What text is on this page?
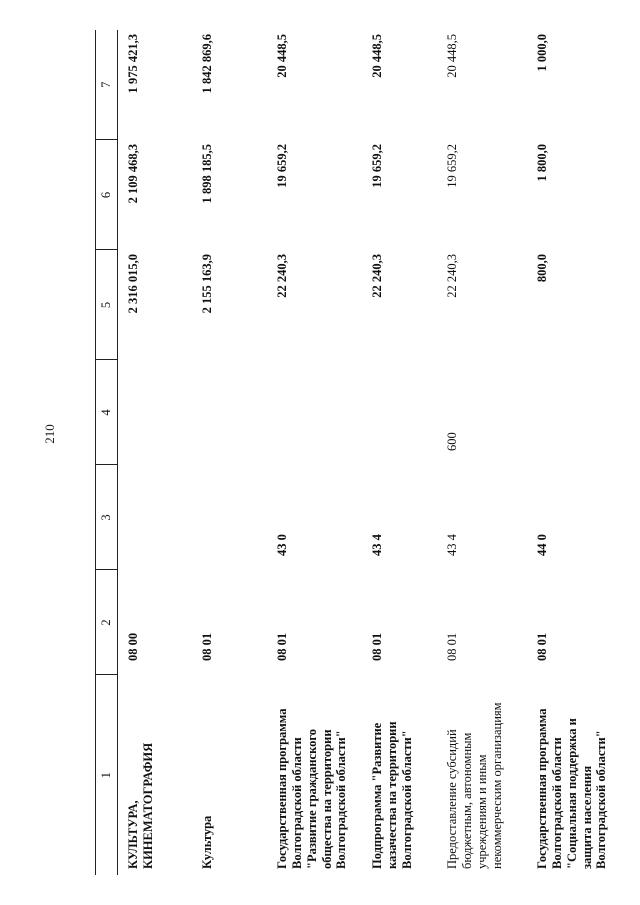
210
1	2	3	4	5	6	7
КУЛЬТУРА, КИНЕМАТОГРАФИЯ	08 00			2 316 015,0	2 109 468,3	1 975 421,3
Культура	08 01			2 155 163,9	1 898 185,5	1 842 869,6
Государственная программа Волгоградской области "Развитие гражданского общества на территории Волгоградской области"	08 01	43 0		22 240,3	19 659,2	20 448,5
Подпрограмма "Развитие казачества на территории Волгоградской области"	08 01	43 4		22 240,3	19 659,2	20 448,5
Предоставление субсидий бюджетным, автономным учреждениям и иным некоммерческим организациям	08 01	43 4	600	22 240,3	19 659,2	20 448,5
Государственная программа Волгоградской области "Социальная поддержка и защита населения Волгоградской области"	08 01	44 0		800,0	1 800,0	1 000,0
